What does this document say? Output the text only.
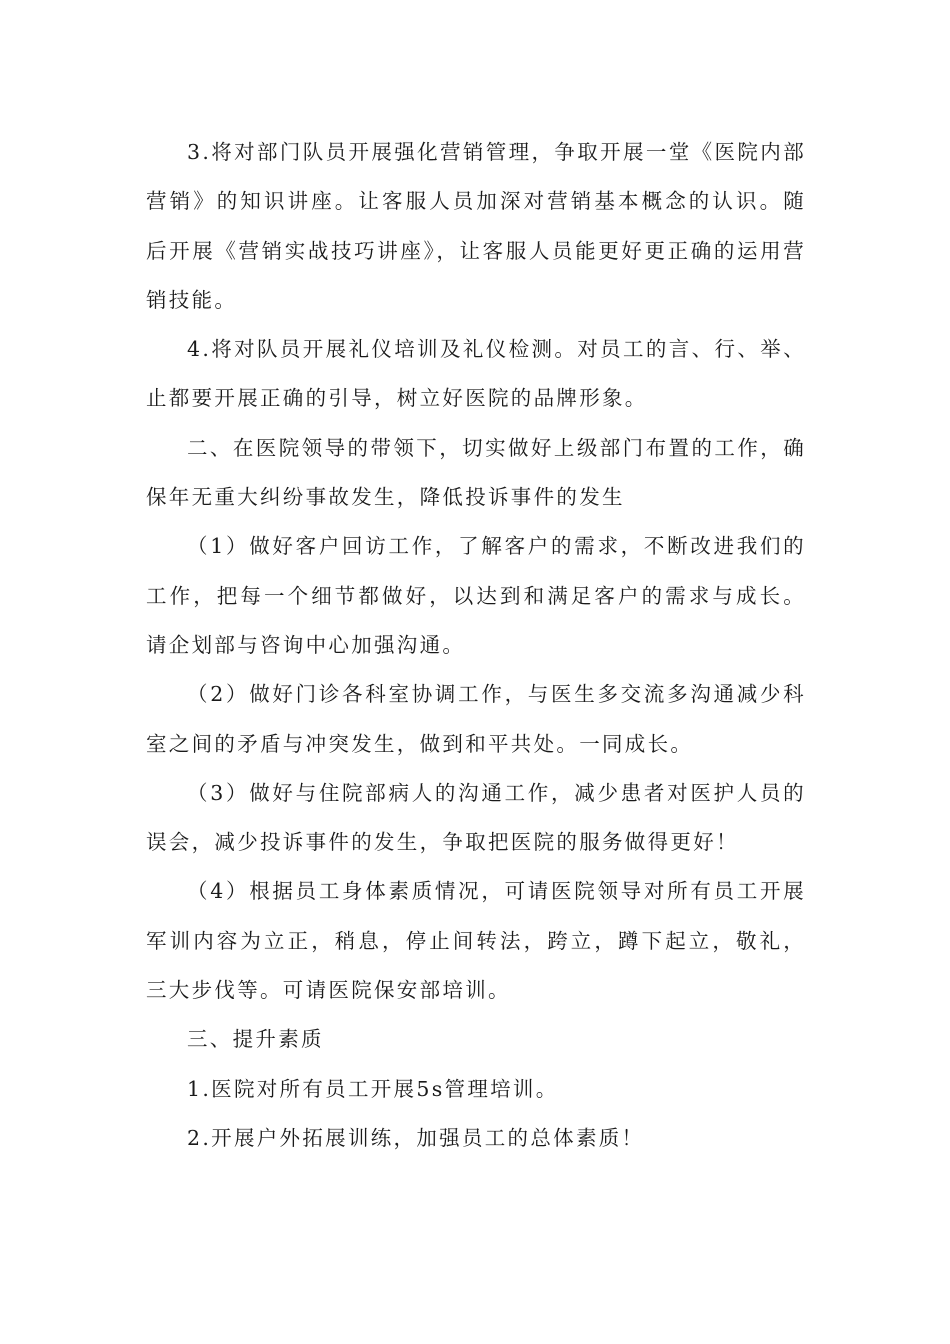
3.将对部门队员开展强化营销管理，争取开展一堂《医院内部营销》的知识讲座。让客服人员加深对营销基本概念的认识。随后开展《营销实战技巧讲座》，让客服人员能更好更正确的运用营销技能。

4.将对队员开展礼仪培训及礼仪检测。对员工的言、行、举、止都要开展正确的引导，树立好医院的品牌形象。

二、在医院领导的带领下，切实做好上级部门布置的工作，确保年无重大纠纷事故发生，降低投诉事件的发生

（1）做好客户回访工作，了解客户的需求，不断改进我们的工作，把每一个细节都做好，以达到和满足客户的需求与成长。请企划部与咨询中心加强沟通。

（2）做好门诊各科室协调工作，与医生多交流多沟通减少科室之间的矛盾与冲突发生，做到和平共处。一同成长。

（3）做好与住院部病人的沟通工作，减少患者对医护人员的误会，减少投诉事件的发生，争取把医院的服务做得更好！

（4）根据员工身体素质情况，可请医院领导对所有员工开展军训内容为立正，稍息，停止间转法，跨立，蹲下起立，敬礼，三大步伐等。可请医院保安部培训。

三、提升素质

1.医院对所有员工开展5s管理培训。

2.开展户外拓展训练，加强员工的总体素质！
